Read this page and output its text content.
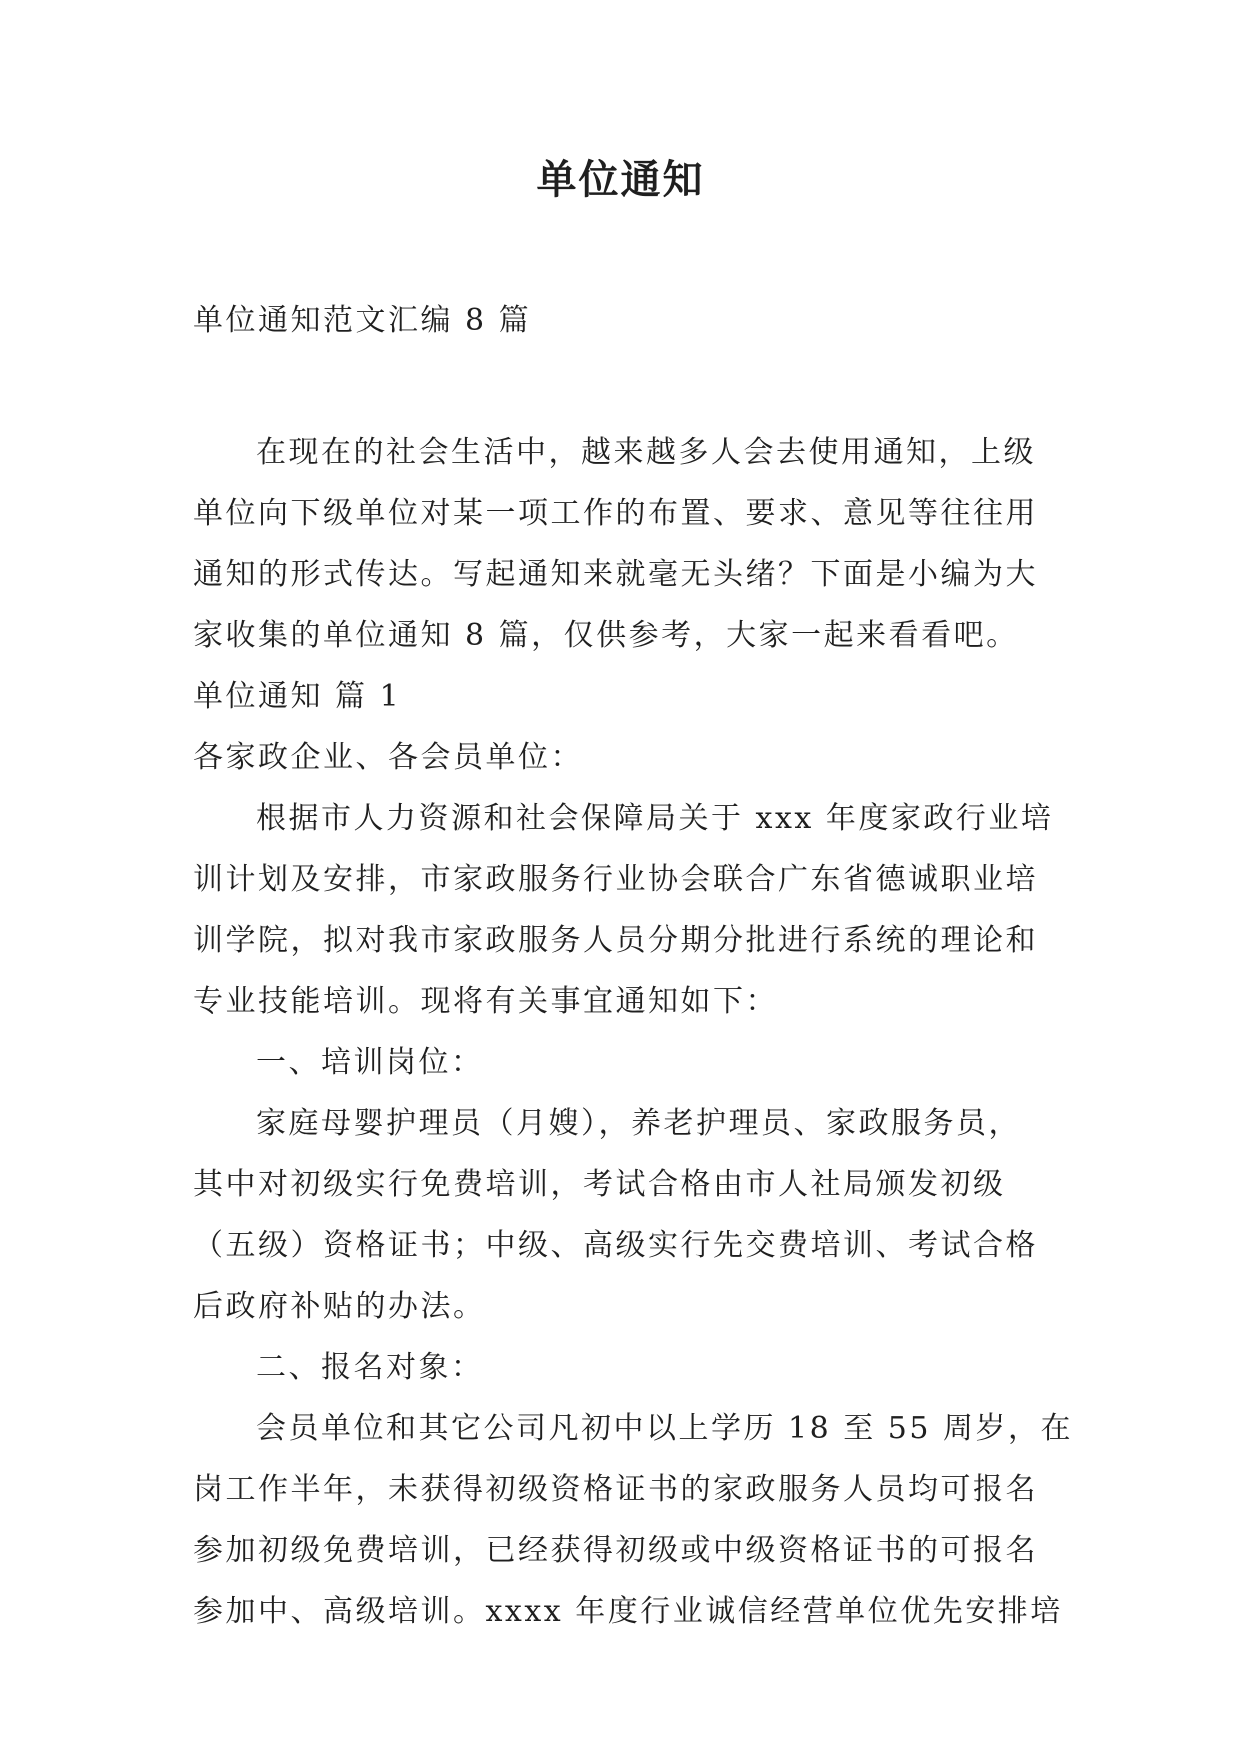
单位通知
单位通知范文汇编 8 篇
在现在的社会生活中，越来越多人会去使用通知，上级
单位向下级单位对某一项工作的布置、要求、意见等往往用
通知的形式传达。写起通知来就毫无头绪？下面是小编为大
家收集的单位通知 8 篇，仅供参考，大家一起来看看吧。
单位通知 篇 1
各家政企业、各会员单位：
根据市人力资源和社会保障局关于 xxx 年度家政行业培
训计划及安排，市家政服务行业协会联合广东省德诚职业培
训学院，拟对我市家政服务人员分期分批进行系统的理论和
专业技能培训。现将有关事宜通知如下：
一、培训岗位：
家庭母婴护理员（月嫂），养老护理员、家政服务员，
其中对初级实行免费培训，考试合格由市人社局颁发初级
（五级）资格证书；中级、高级实行先交费培训、考试合格
后政府补贴的办法。
二、报名对象：
会员单位和其它公司凡初中以上学历 18 至 55 周岁，在
岗工作半年，未获得初级资格证书的家政服务人员均可报名
参加初级免费培训，已经获得初级或中级资格证书的可报名
参加中、高级培训。xxxx 年度行业诚信经营单位优先安排培
